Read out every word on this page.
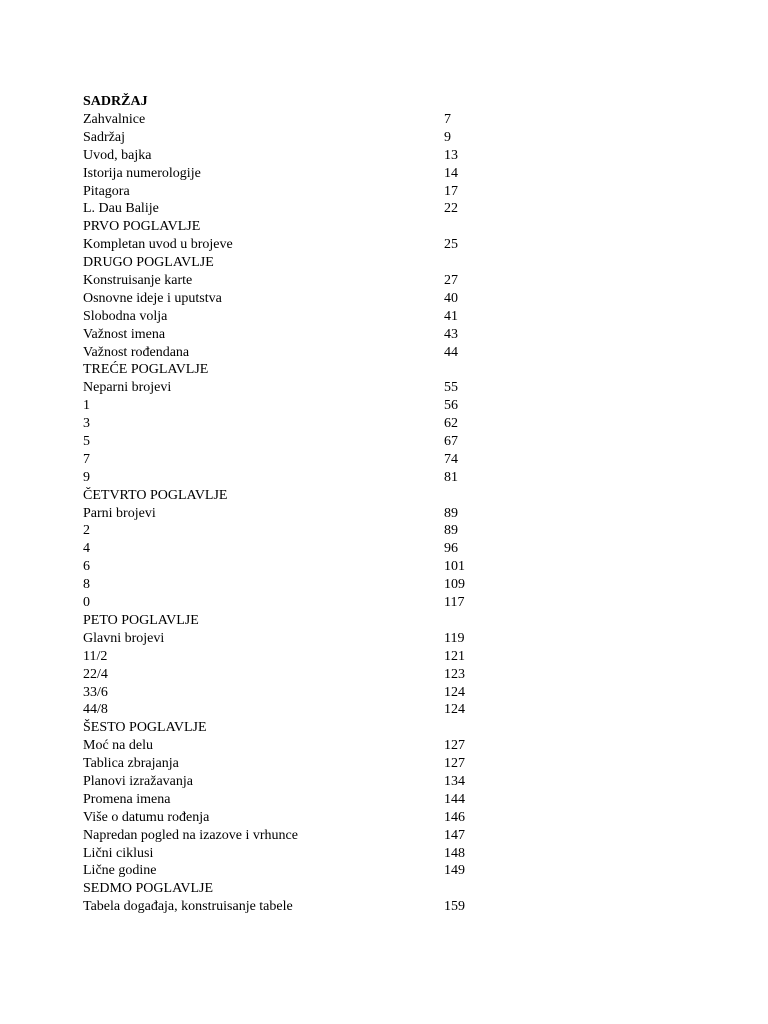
SADRŽAJ
Zahvalnice	7
Sadržaj	9
Uvod, bajka	13
Istorija numerologije	14
Pitagora	17
L. Dau Balije	22
PRVO POGLAVLJE
Kompletan uvod u brojeve	25
DRUGO POGLAVLJE
Konstruisanje karte	27
Osnovne ideje i uputstva	40
Slobodna volja	41
Važnost imena	43
Važnost rođendana	44
TREĆE POGLAVLJE
Neparni brojevi	55
1	56
3	62
5	67
7	74
9	81
ČETVRTO POGLAVLJE
Parni brojevi	89
2	89
4	96
6	101
8	109
0	117
PETO POGLAVLJE
Glavni brojevi	119
11/2	121
22/4	123
33/6	124
44/8	124
ŠESTO POGLAVLJE
Moć na delu	127
Tablica zbrajanja	127
Planovi izražavanja	134
Promena imena	144
Više o datumu rođenja	146
Napredan pogled na izazove i vrhunce	147
Lični ciklusi	148
Lične godine	149
SEDMO POGLAVLJE
Tabela događaja, konstruisanje tabele	159
